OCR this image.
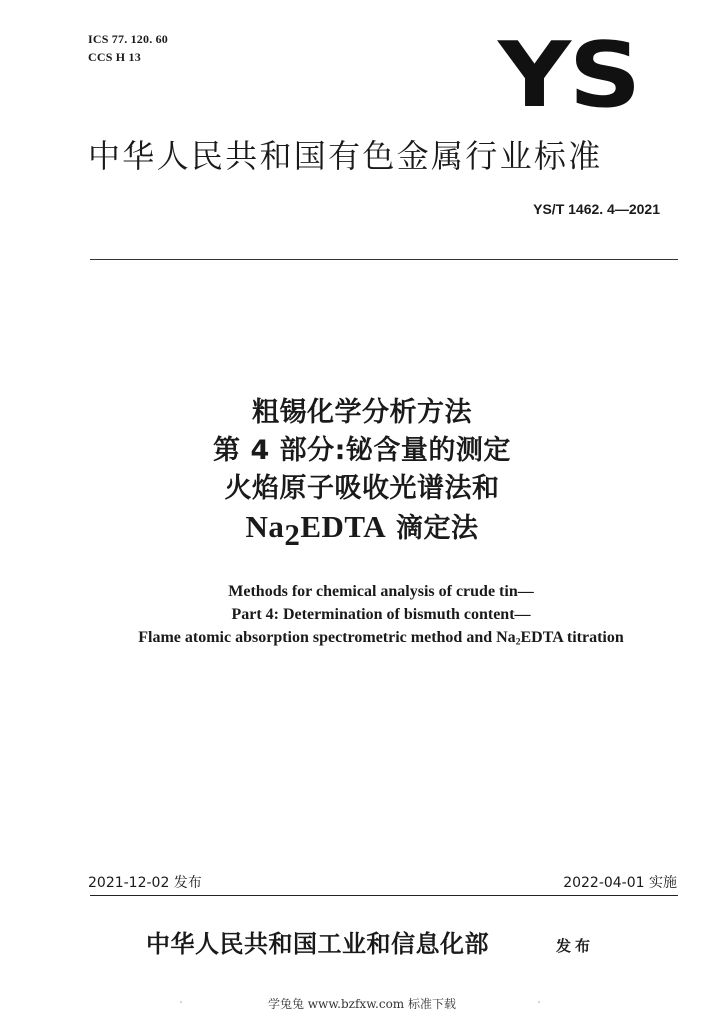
ICS 77. 120. 60
CCS H 13	YS
中华人民共和国有色金属行业标准
YS/T 1462. 4—2021
粗锡化学分析方法
第 4 部分:铋含量的测定
火焰原子吸收光谱法和
$Na_2EDTA$ 滴定法
Methods for chemical analysis of crude tin—
Part 4: Determination of bismuth content—
Flame atomic absorption spectrometric method and $Na_2EDTA$ titration
2021-12-02 发布	2022-04-01 实施
中华人民共和国工业和信息化部	发布
学兔兔 www.bzfxw.com 标准下载
